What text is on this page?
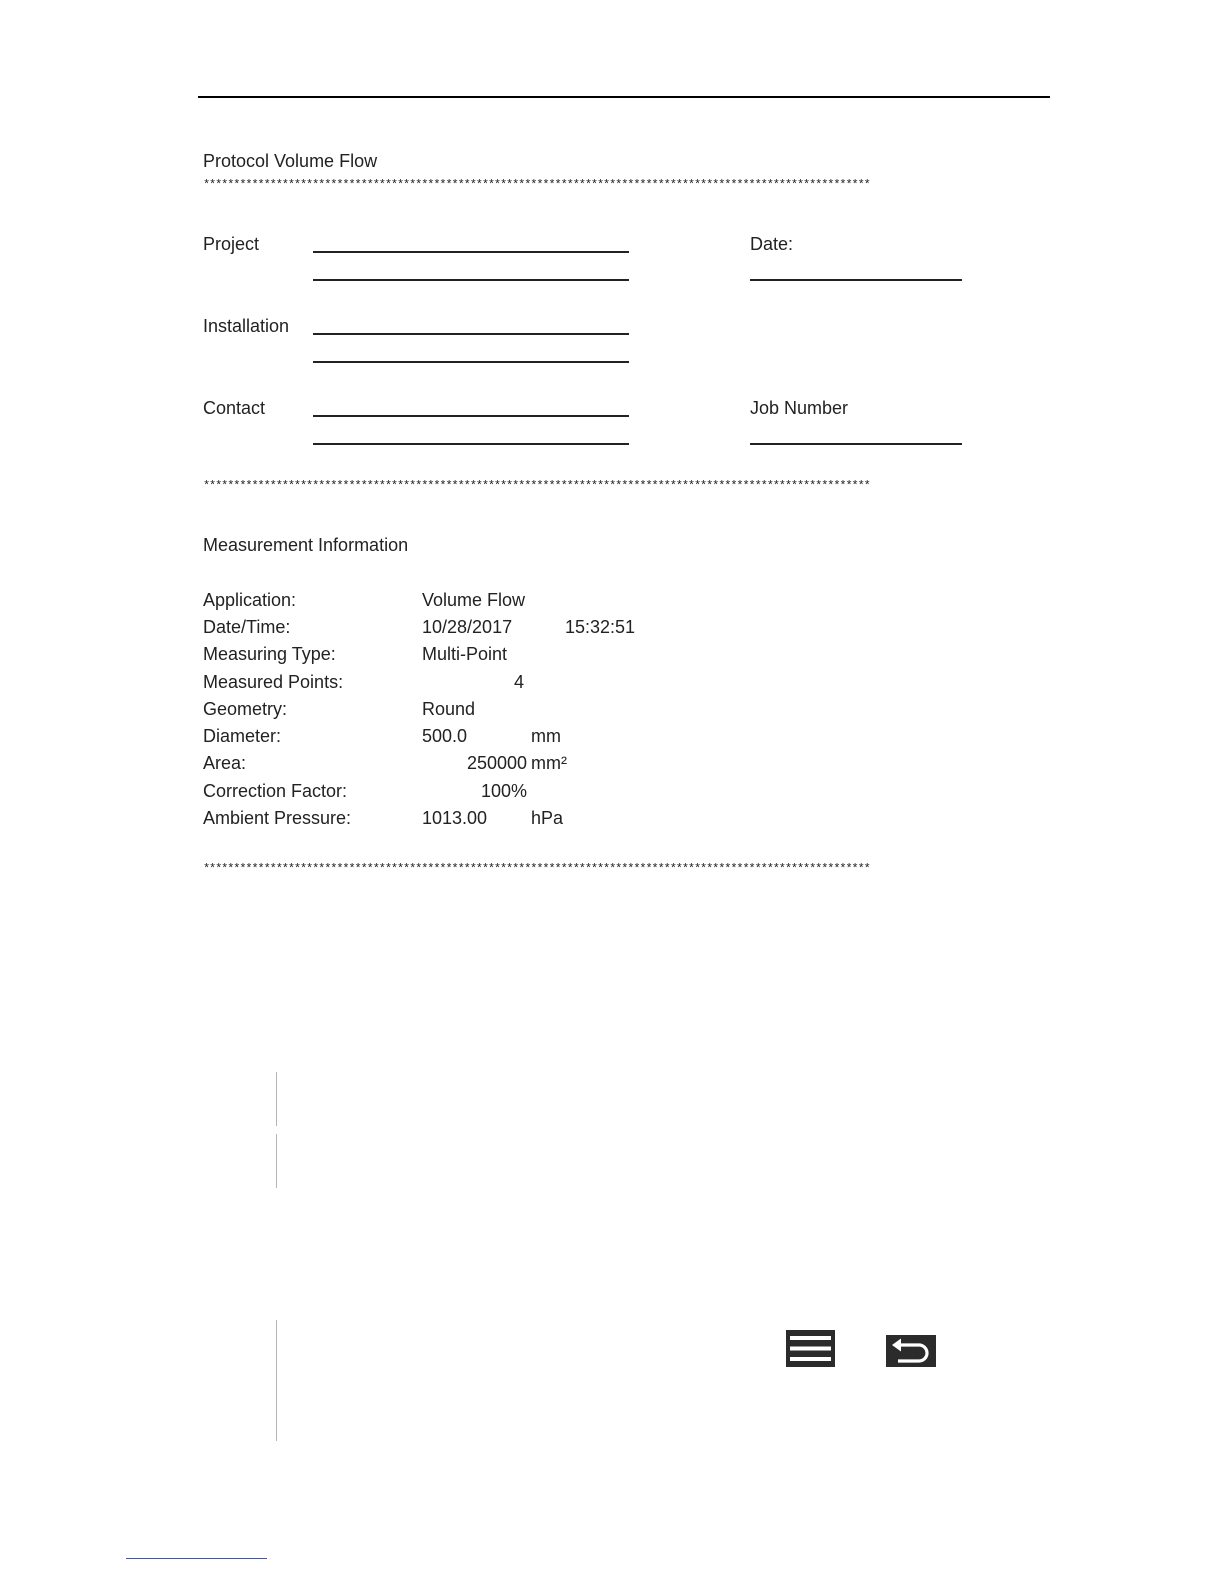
Protocol Volume Flow
**************************************************************************************************************
Project	Date:
Installation
Contact	Job Number
**************************************************************************************************************
Measurement Information
Application:	Volume Flow
Date/Time:	10/28/2017	15:32:51
Measuring Type:	Multi-Point
Measured Points:	4
Geometry:	Round
Diameter:	500.0	mm
Area:	250000 mm²
Correction Factor:	100%
Ambient Pressure:	1013.00 hPa
**************************************************************************************************************
